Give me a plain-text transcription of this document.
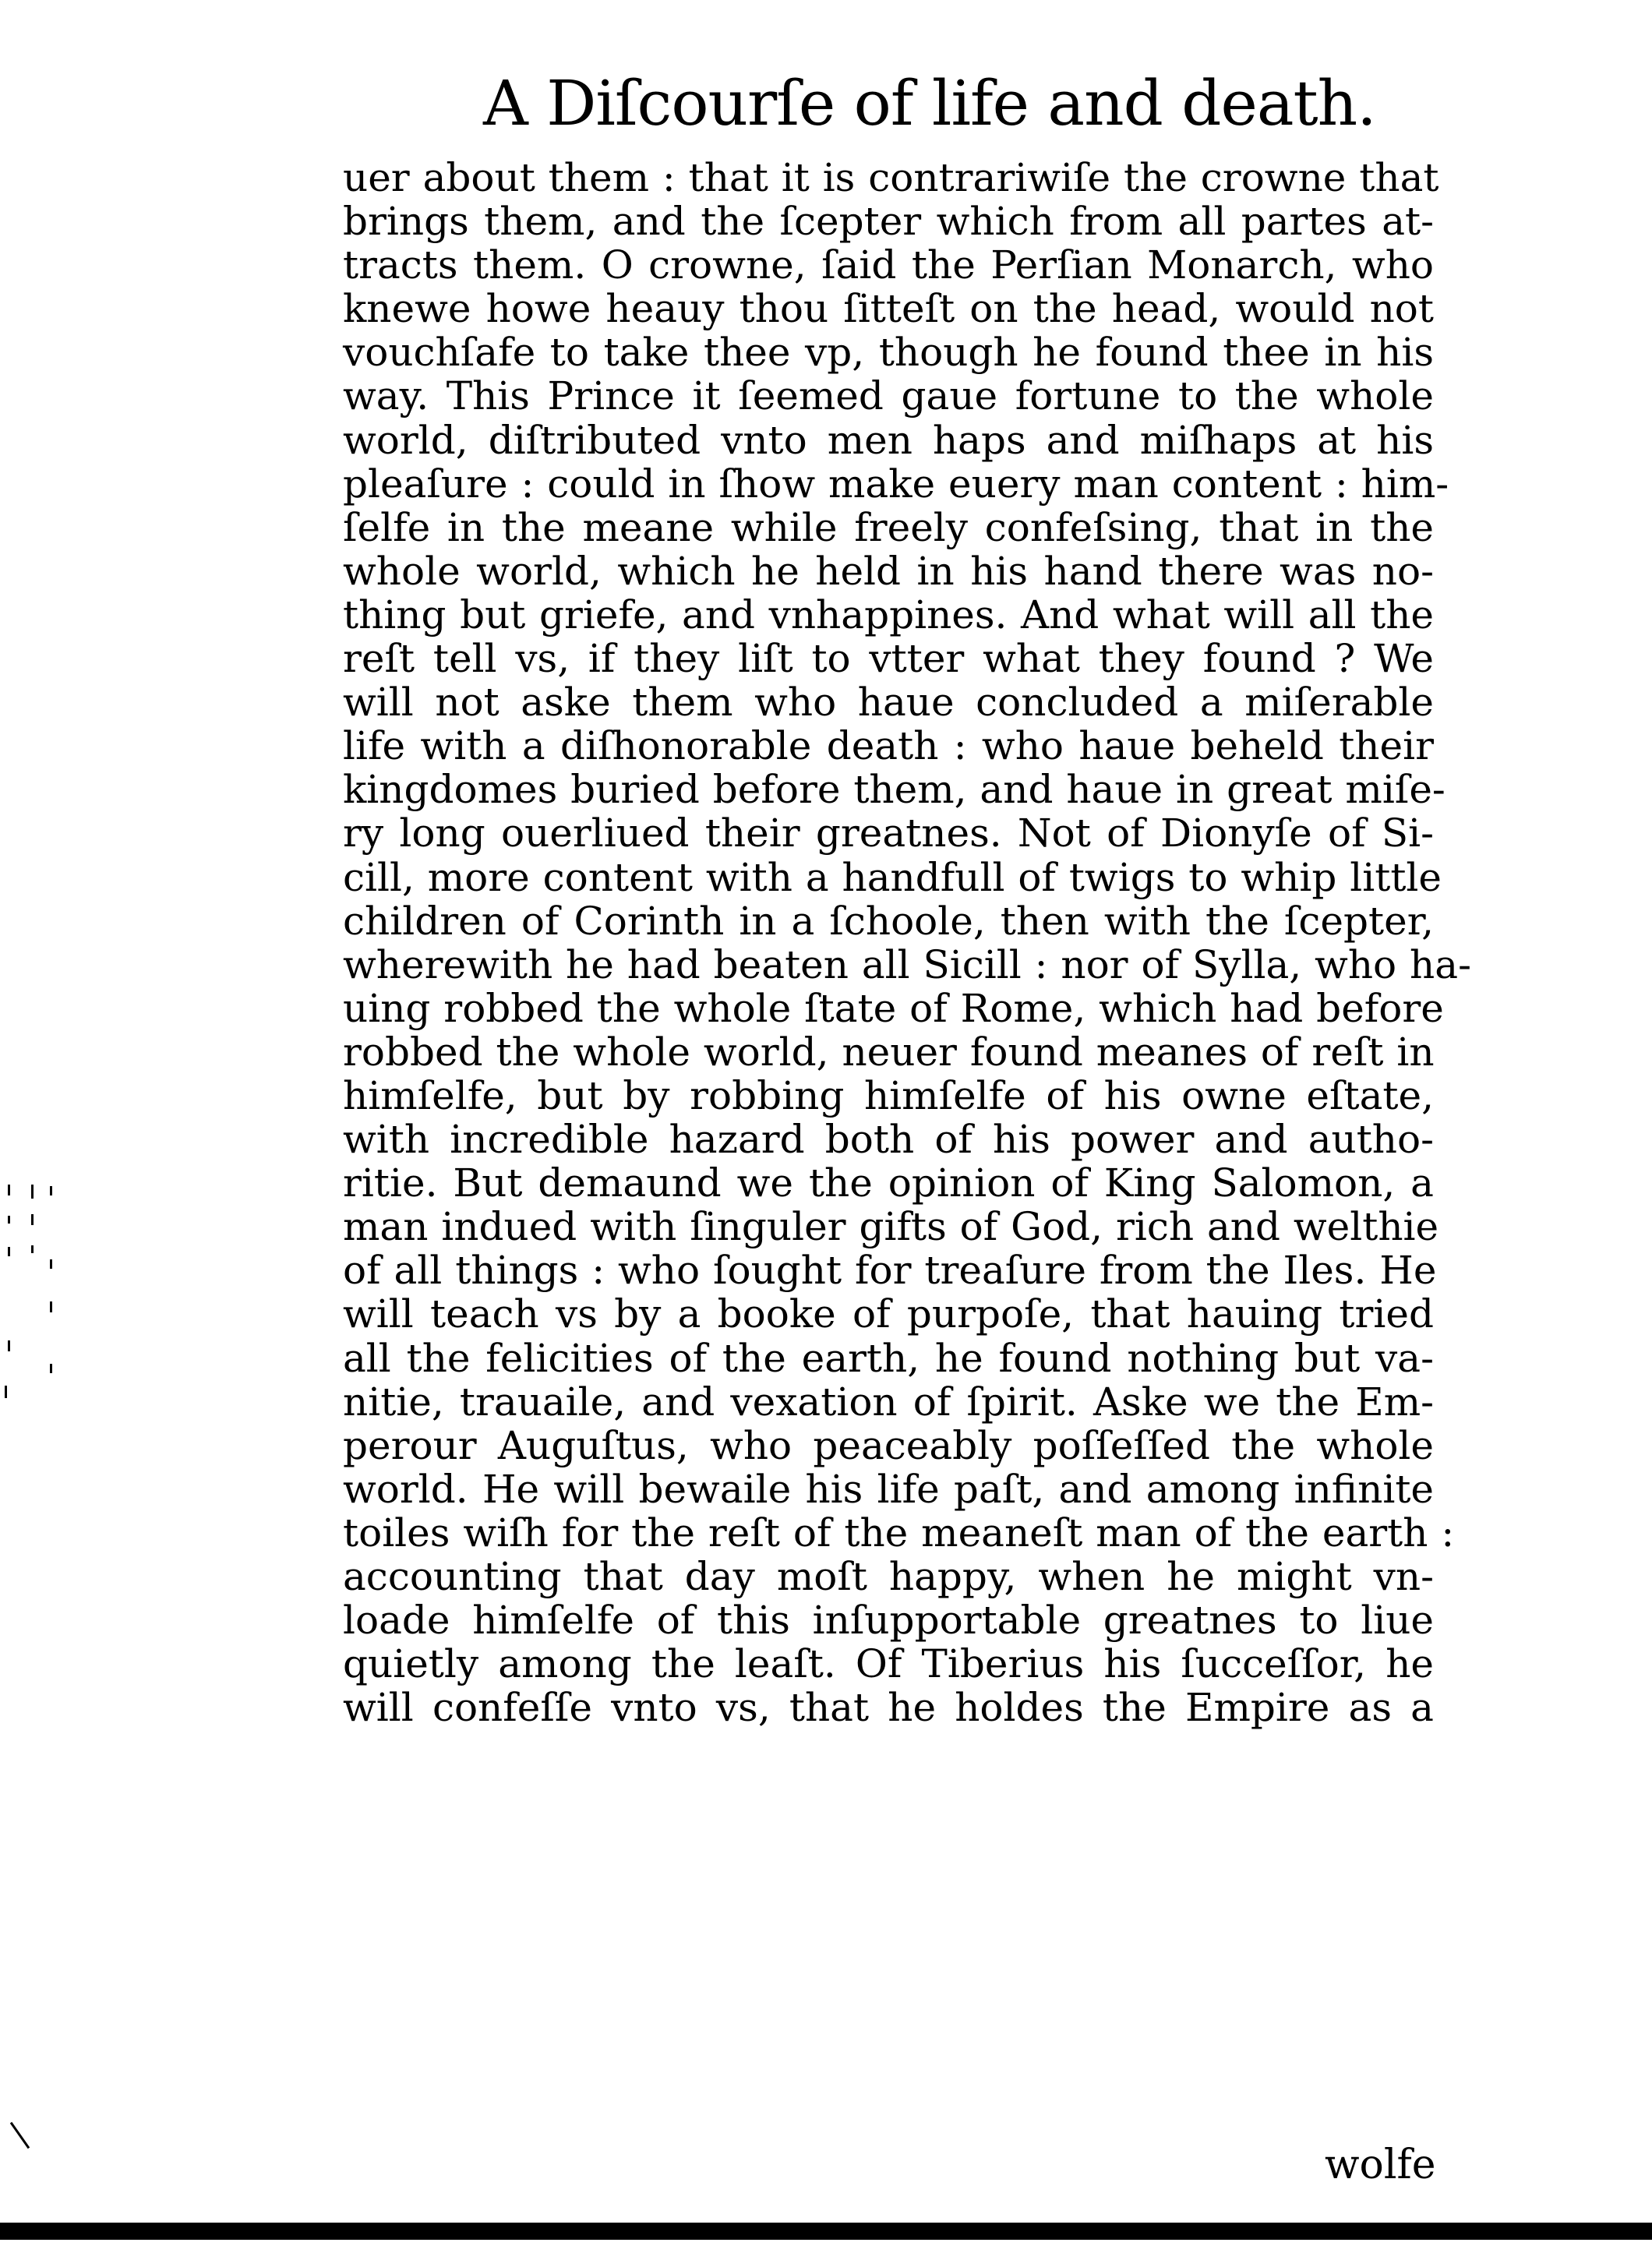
A Diſcourſe of life and death.
uer about them : that it is contrariwiſe the crowne that
brings them, and the ſcepter which from all partes at-
tracts them. O crowne, ſaid the Perſian Monarch, who
knewe howe heauy thou ſitteſt on the head, would not
vouchſafe to take thee vp, though he found thee in his
way. This Prince it ſeemed gaue fortune to the whole
world, diſtributed vnto men haps and miſhaps at his
pleaſure : could in ſhow make euery man content : him-
ſelfe in the meane while freely confeſsing, that in the
whole world, which he held in his hand there was no-
thing but griefe, and vnhappines. And what will all the
reſt tell vs, if they liſt to vtter what they found ? We
will not aske them who haue concluded a miſerable
life with a diſhonorable death : who haue beheld their
kingdomes buried before them, and haue in great miſe-
ry long ouerliued their greatnes. Not of Dionyſe of Si-
cill, more content with a handfull of twigs to whip little
children of Corinth in a ſchoole, then with the ſcepter,
wherewith he had beaten all Sicill : nor of Sylla, who ha-
uing robbed the whole ſtate of Rome, which had before
robbed the whole world, neuer found meanes of reſt in
himſelfe, but by robbing himſelfe of his owne eſtate,
with incredible hazard both of his power and autho-
ritie. But demaund we the opinion of King Salomon, a
man indued with ſinguler gifts of God, rich and welthie
of all things : who ſought for treaſure from the Iles. He
will teach vs by a booke of purpoſe, that hauing tried
all the felicities of the earth, he found nothing but va-
nitie, trauaile, and vexation of ſpirit. Aske we the Em-
perour Auguſtus, who peaceably poſſeſſed the whole
world. He will bewaile his life paſt, and among infinite
toiles wiſh for the reſt of the meaneſt man of the earth :
accounting that day moſt happy, when he might vn-
loade himſelfe of this inſupportable greatnes to liue
quietly among the leaſt. Of Tiberius his ſucceſſor, he
will confeſſe vnto vs, that he holdes the Empire as a
wolfe
